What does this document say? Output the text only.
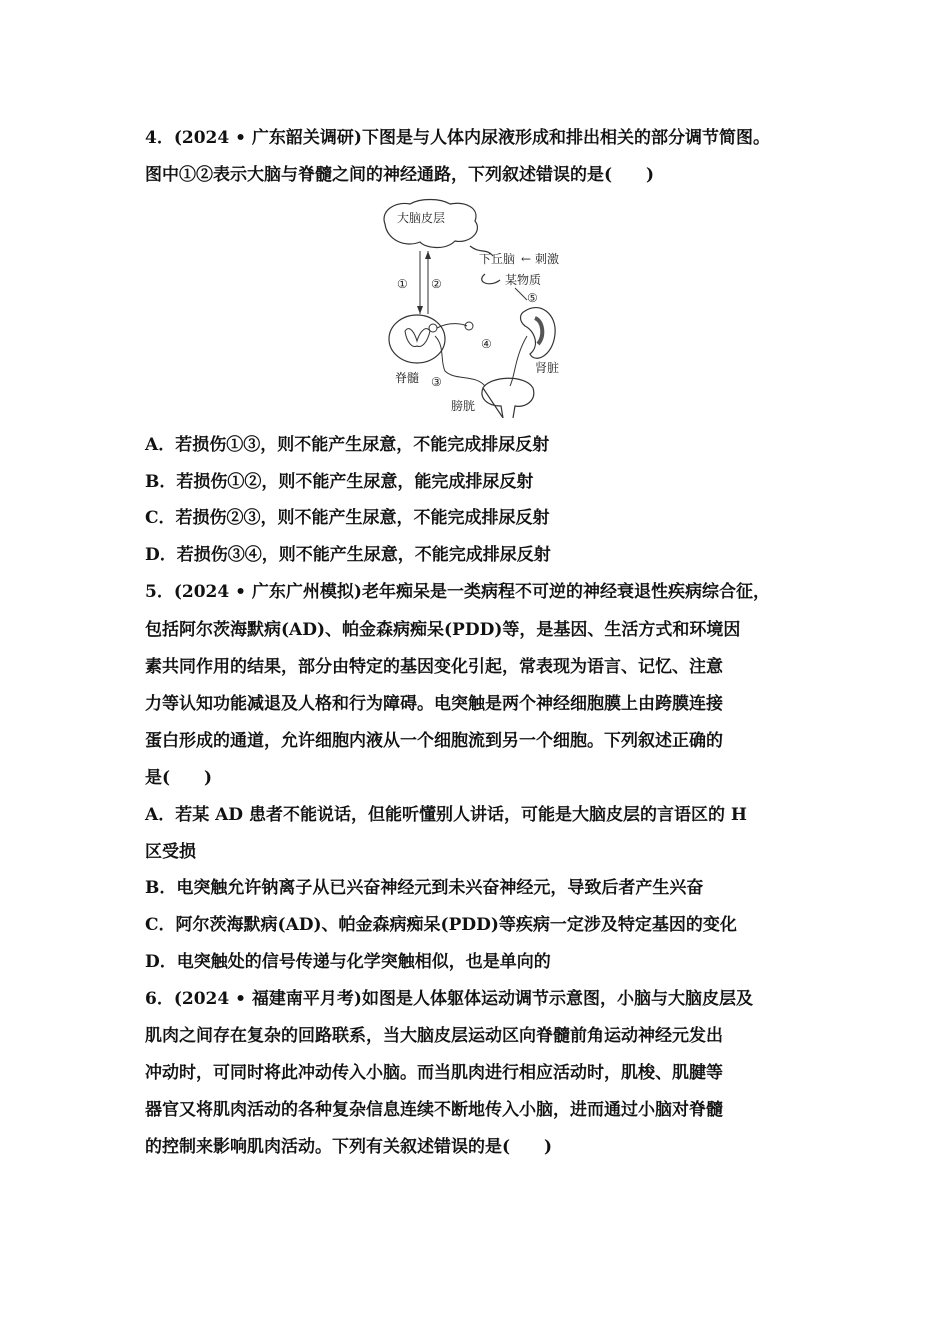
4．(2024 • 广东韶关调研)下图是与人体内尿液形成和排出相关的部分调节简图。
图中①②表示大脑与脊髓之间的神经通路，下列叙述错误的是(　　)
大脑皮层
下丘脑 ← 刺激
某物质
⑤
① ②
脊髓 ③
④
肾脏
膀胱
A．若损伤①③，则不能产生尿意，不能完成排尿反射
B．若损伤①②，则不能产生尿意，能完成排尿反射
C．若损伤②③，则不能产生尿意，不能完成排尿反射
D．若损伤③④，则不能产生尿意，不能完成排尿反射
5．(2024 • 广东广州模拟)老年痴呆是一类病程不可逆的神经衰退性疾病综合征，
包括阿尔茨海默病(AD)、帕金森病痴呆(PDD)等，是基因、生活方式和环境因
素共同作用的结果，部分由特定的基因变化引起，常表现为语言、记忆、注意
力等认知功能减退及人格和行为障碍。电突触是两个神经细胞膜上由跨膜连接
蛋白形成的通道，允许细胞内液从一个细胞流到另一个细胞。下列叙述正确的
是(　　)
A．若某 AD 患者不能说话，但能听懂别人讲话，可能是大脑皮层的言语区的 H
区受损
B．电突触允许钠离子从已兴奋神经元到未兴奋神经元，导致后者产生兴奋
C．阿尔茨海默病(AD)、帕金森病痴呆(PDD)等疾病一定涉及特定基因的变化
D．电突触处的信号传递与化学突触相似，也是单向的
6．(2024 • 福建南平月考)如图是人体躯体运动调节示意图，小脑与大脑皮层及
肌肉之间存在复杂的回路联系，当大脑皮层运动区向脊髓前角运动神经元发出
冲动时，可同时将此冲动传入小脑。而当肌肉进行相应活动时，肌梭、肌腱等
器官又将肌肉活动的各种复杂信息连续不断地传入小脑，进而通过小脑对脊髓
的控制来影响肌肉活动。下列有关叙述错误的是(　　)
